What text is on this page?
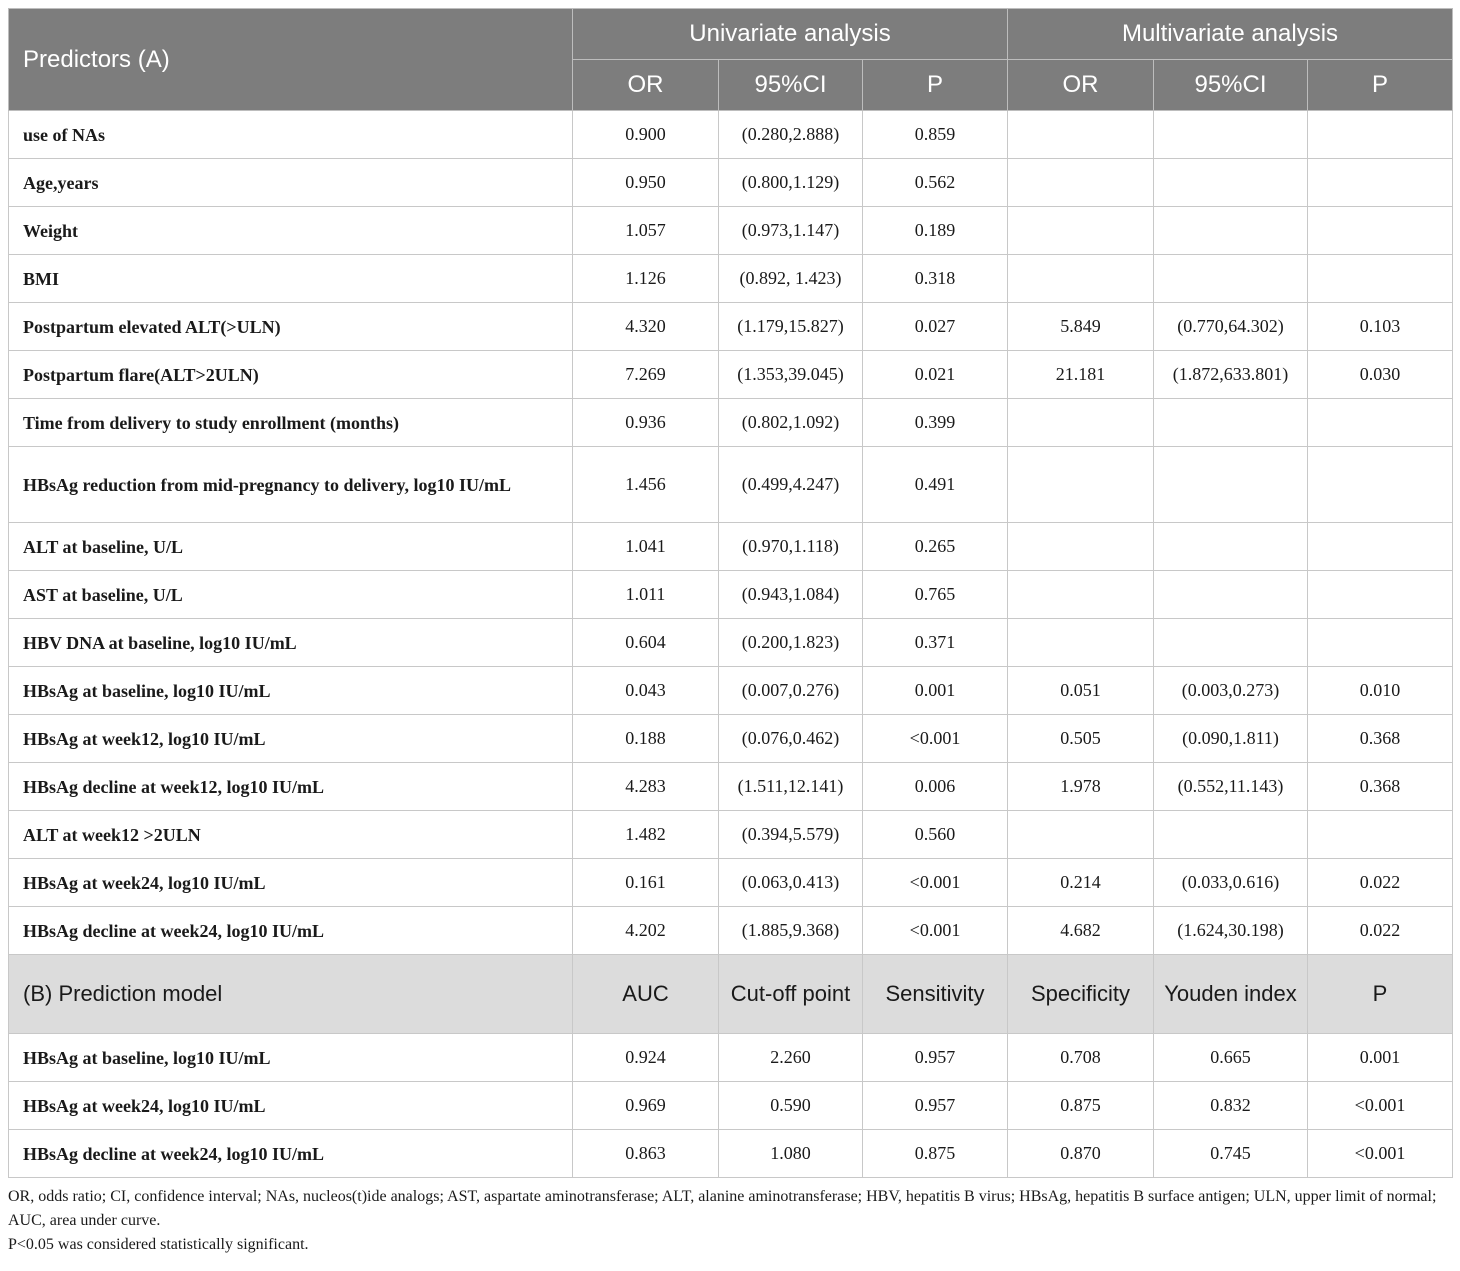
Predictors (A)	Univariate analysis			Multivariate analysis		
	OR	95%CI	P	OR	95%CI	P
use of NAs	0.900	(0.280,2.888)	0.859			
Age,years	0.950	(0.800,1.129)	0.562			
Weight	1.057	(0.973,1.147)	0.189			
BMI	1.126	(0.892, 1.423)	0.318			
Postpartum elevated ALT(>ULN)	4.320	(1.179,15.827)	0.027	5.849	(0.770,64.302)	0.103
Postpartum flare(ALT>2ULN)	7.269	(1.353,39.045)	0.021	21.181	(1.872,633.801)	0.030
Time from delivery to study enrollment (months)	0.936	(0.802,1.092)	0.399			
HBsAg reduction from mid-pregnancy to delivery, log10 IU/mL	1.456	(0.499,4.247)	0.491			
ALT at baseline, U/L	1.041	(0.970,1.118)	0.265			
AST at baseline, U/L	1.011	(0.943,1.084)	0.765			
HBV DNA at baseline, log10 IU/mL	0.604	(0.200,1.823)	0.371			
HBsAg at baseline, log10 IU/mL	0.043	(0.007,0.276)	0.001	0.051	(0.003,0.273)	0.010
HBsAg at week12, log10 IU/mL	0.188	(0.076,0.462)	<0.001	0.505	(0.090,1.811)	0.368
HBsAg decline at week12, log10 IU/mL	4.283	(1.511,12.141)	0.006	1.978	(0.552,11.143)	0.368
ALT at week12 >2ULN	1.482	(0.394,5.579)	0.560			
HBsAg at week24, log10 IU/mL	0.161	(0.063,0.413)	<0.001	0.214	(0.033,0.616)	0.022
HBsAg decline at week24, log10 IU/mL	4.202	(1.885,9.368)	<0.001	4.682	(1.624,30.198)	0.022
(B) Prediction model	AUC	Cut-off point	Sensitivity	Specificity	Youden index	P
HBsAg at baseline, log10 IU/mL	0.924	2.260	0.957	0.708	0.665	0.001
HBsAg at week24, log10 IU/mL	0.969	0.590	0.957	0.875	0.832	<0.001
HBsAg decline at week24, log10 IU/mL	0.863	1.080	0.875	0.870	0.745	<0.001
OR, odds ratio; CI, confidence interval; NAs, nucleos(t)ide analogs; AST, aspartate aminotransferase; ALT, alanine aminotransferase; HBV, hepatitis B virus; HBsAg, hepatitis B surface antigen; ULN, upper limit of normal; AUC, area under curve.
P<0.05 was considered statistically significant.
